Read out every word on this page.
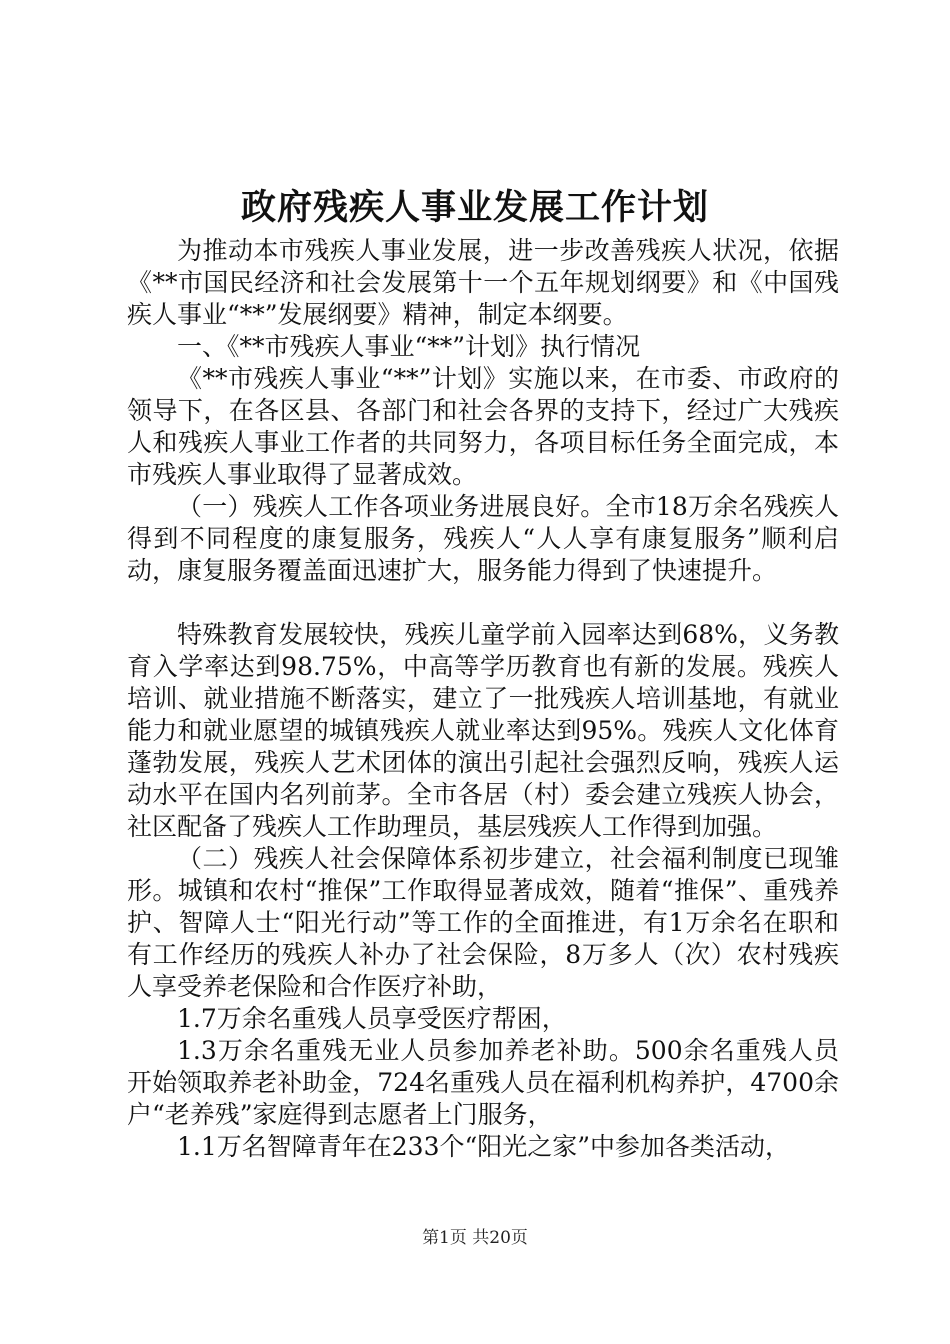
政府残疾人事业发展工作计划

为推动本市残疾人事业发展，进一步改善残疾人状况，依据《**市国民经济和社会发展第十一个五年规划纲要》和《中国残疾人事业“**”发展纲要》精神，制定本纲要。

一、《**市残疾人事业“**”计划》执行情况

《**市残疾人事业“**”计划》实施以来，在市委、市政府的领导下，在各区县、各部门和社会各界的支持下，经过广大残疾人和残疾人事业工作者的共同努力，各项目标任务全面完成，本市残疾人事业取得了显著成效。

（一）残疾人工作各项业务进展良好。全市18万余名残疾人得到不同程度的康复服务，残疾人“人人享有康复服务”顺利启动，康复服务覆盖面迅速扩大，服务能力得到了快速提升。

特殊教育发展较快，残疾儿童学前入园率达到68%，义务教育入学率达到98.75%，中高等学历教育也有新的发展。残疾人培训、就业措施不断落实，建立了一批残疾人培训基地，有就业能力和就业愿望的城镇残疾人就业率达到95%。残疾人文化体育蓬勃发展，残疾人艺术团体的演出引起社会强烈反响，残疾人运动水平在国内名列前茅。全市各居（村）委会建立残疾人协会，社区配备了残疾人工作助理员，基层残疾人工作得到加强。

（二）残疾人社会保障体系初步建立，社会福利制度已现雏形。城镇和农村“推保”工作取得显著成效，随着“推保”、重残养护、智障人士“阳光行动”等工作的全面推进，有1万余名在职和有工作经历的残疾人补办了社会保险，8万多人（次）农村残疾人享受养老保险和合作医疗补助，

1.7万余名重残人员享受医疗帮困，

1.3万余名重残无业人员参加养老补助。500余名重残人员开始领取养老补助金，724名重残人员在福利机构养护，4700余户“老养残”家庭得到志愿者上门服务，

1.1万名智障青年在233个“阳光之家”中参加各类活动，

第1页 共20页
